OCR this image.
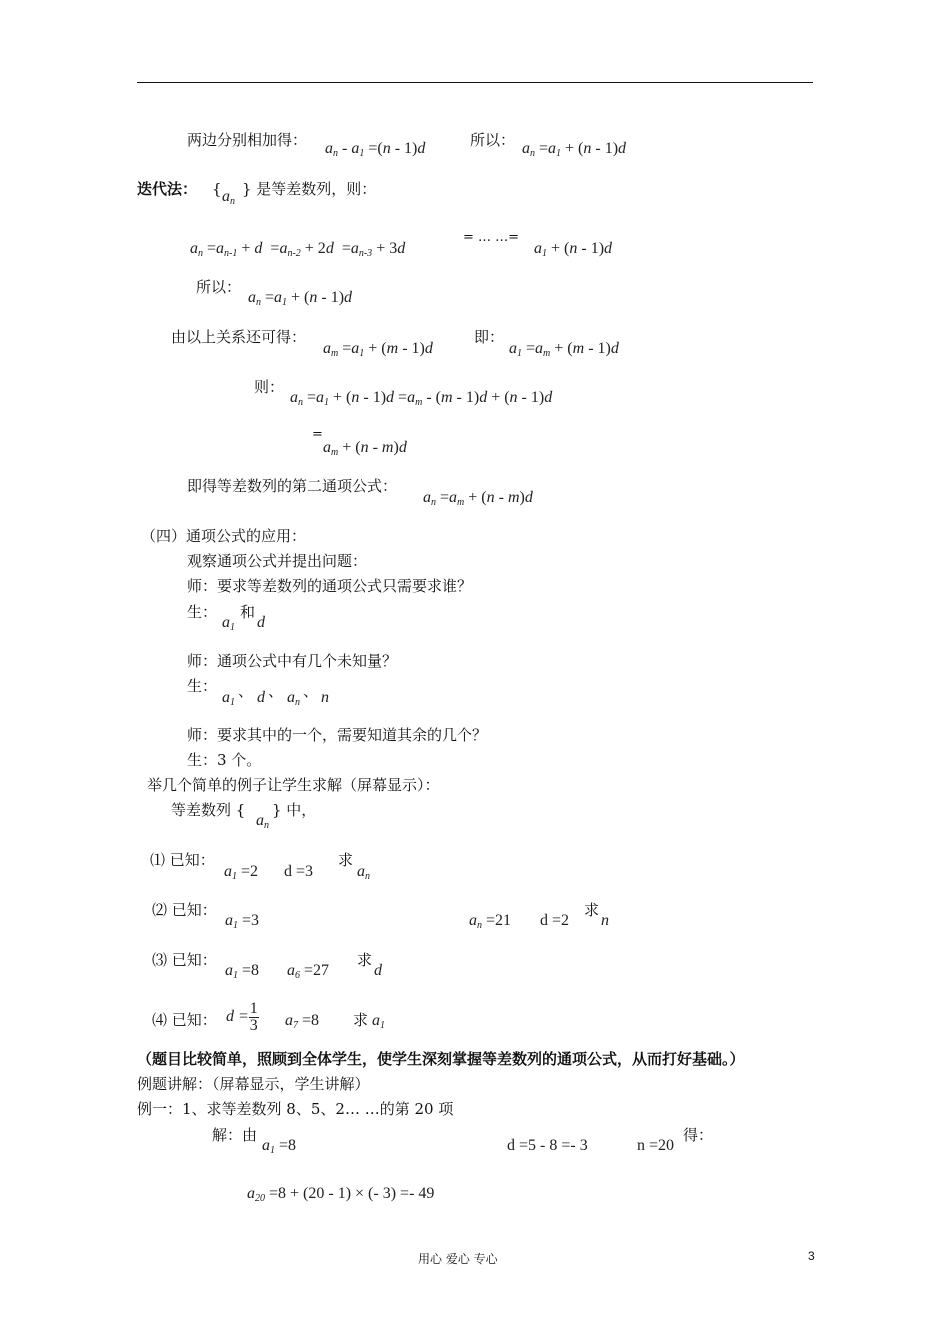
两边分别相加得： $a_n - a_1 =(n - 1)d$	所以： $a_n =a_1 + (n - 1)d$
迭代法： { $a_n$
} 是等差数列，则：
$a_n =a_{n-1} + d =a_{n-2} + 2d =a_{n-3} + 3d$
= … …=
$a_1 + (n - 1)d$
所以：
$a_n =a_1 + (n - 1)d$
由以上关系还可得：
$a_m =a_1 + (m - 1)d$
即：
$a_1 =a_m + (m - 1)d$
则：
$a_n =a_1 + (n - 1)d =a_m - (m - 1)d + (n - 1)d$
=
$a_m + (n - m)d$
即得等差数列的第二通项公式：
$a_n =a_m + (n - m)d$
（四）通项公式的应用：
观察通项公式并提出问题：
师：要求等差数列的通项公式只需要求谁？
生：
$a_1$
和
d
师：通项公式中有几个未知量？
生：
$a_1$
、 d 、 $a_n$
、 n
师：要求其中的一个，需要知道其余的几个？
生：3 个。
举几个简单的例子让学生求解（屏幕显示）：
等差数列 {
$a_n$
} 中，
⑴ 已知：
$a_1 =2$ d =3
求
$a_n$
⑵ 已知：
$a_1 =3$	$a_n =21$ d =2
求
n
⑶ 已知：
$a_1 =8$ $a_6 =27$
求
d
⑷ 已知： $d = \frac{1}{3} a_7 =8$ 求 $a_1$
（题目比较简单，照顾到全体学生，使学生深刻掌握等差数列的通项公式，从而打好基础。）
例题讲解：（屏幕显示，学生讲解）
例一：1、求等差数列 8、5、2… …的第 20 项
解：由
$a_1 =8$	d =5 - 8 =- 3	n =20
得：
$a_{20} =8 + (20 - 1)$ × (- 3) =- 49
用心 爱心 专心	3
